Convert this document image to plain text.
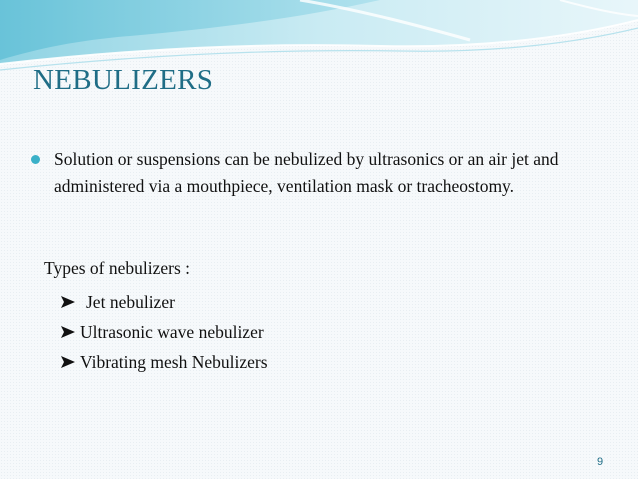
NEBULIZERS
Solution or suspensions can be nebulized by ultrasonics or an air jet and administered via a mouthpiece, ventilation mask or tracheostomy.
Types of nebulizers :
Jet nebulizer
Ultrasonic wave nebulizer
Vibrating mesh Nebulizers
9
